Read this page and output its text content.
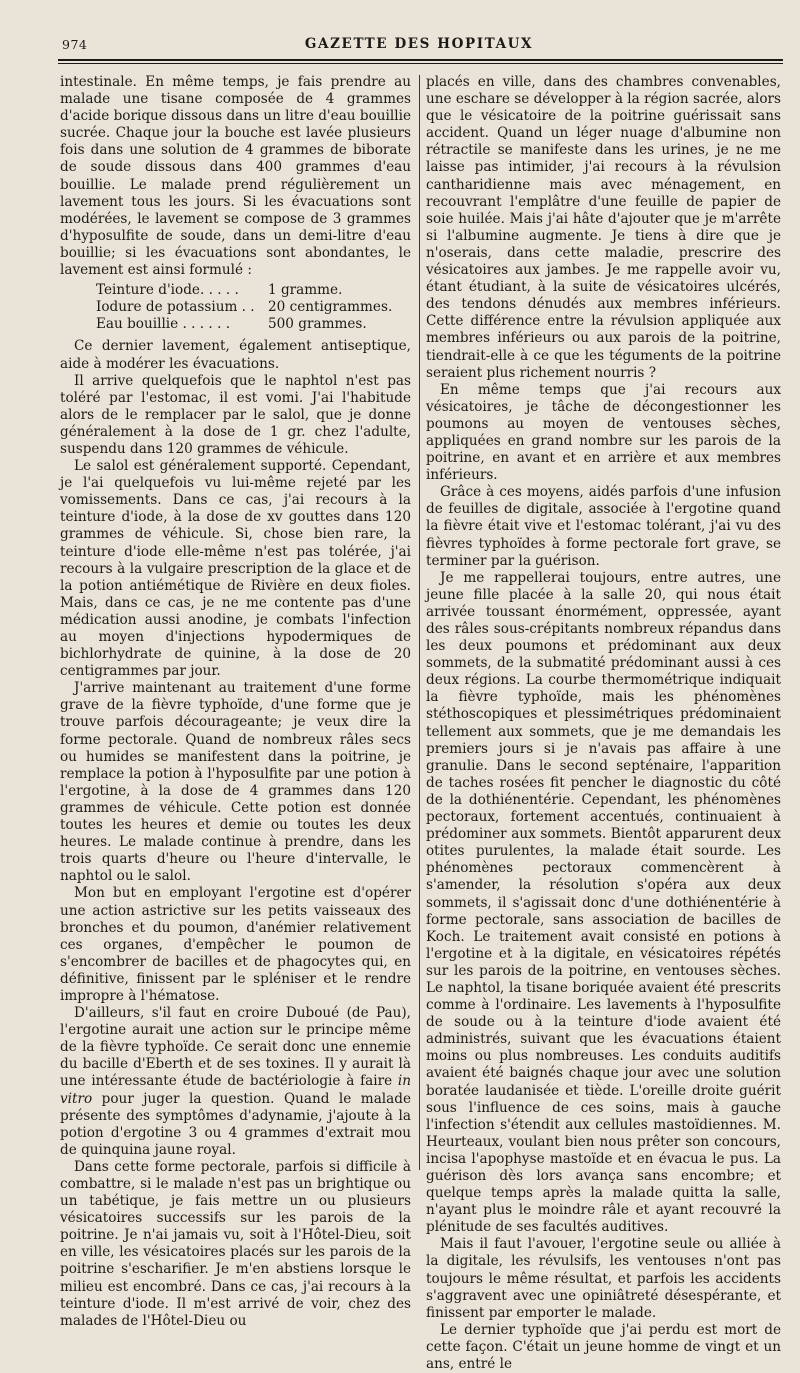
974	GAZETTE DES HOPITAUX

intestinale. En même temps, je fais prendre au malade une tisane composée de 4 grammes d'acide borique dissous dans un litre d'eau bouillie sucrée. Chaque jour la bouche est lavée plusieurs fois dans une solution de 4 grammes de biborate de soude dissous dans 400 grammes d'eau bouillie. Le malade prend régulièrement un lavement tous les jours. Si les évacuations sont modérées, le lavement se compose de 3 grammes d'hyposulfite de soude, dans un demi-litre d'eau bouillie; si les évacuations sont abondantes, le lavement est ainsi formulé :

Teinture d'iode. . . . .	1 gramme.
Iodure de potassium . . 20 centigrammes.
Eau bouillie . . . . . .	500 grammes.

Ce dernier lavement, également antiseptique, aide à modérer les évacuations.

Il arrive quelquefois que le naphtol n'est pas toléré par l'estomac, il est vomi. J'ai l'habitude alors de le remplacer par le salol, que je donne généralement à la dose de 1 gr. chez l'adulte, suspendu dans 120 grammes de véhicule.

Le salol est généralement supporté. Cependant, je l'ai quelquefois vu lui-même rejeté par les vomissements. Dans ce cas, j'ai recours à la teinture d'iode, à la dose de xv gouttes dans 120 grammes de véhicule. Si, chose bien rare, la teinture d'iode elle-même n'est pas tolérée, j'ai recours à la vulgaire prescription de la glace et de la potion antiémétique de Rivière en deux fioles. Mais, dans ce cas, je ne me contente pas d'une médication aussi anodine, je combats l'infection au moyen d'injections hypodermiques de bichlorhydrate de quinine, à la dose de 20 centigrammes par jour.

J'arrive maintenant au traitement d'une forme grave de la fièvre typhoïde, d'une forme que je trouve parfois décourageante; je veux dire la forme pectorale. Quand de nombreux râles secs ou humides se manifestent dans la poitrine, je remplace la potion à l'hyposulfite par une potion à l'ergotine, à la dose de 4 grammes dans 120 grammes de véhicule. Cette potion est donnée toutes les heures et demie ou toutes les deux heures. Le malade continue à prendre, dans les trois quarts d'heure ou l'heure d'intervalle, le naphtol ou le salol.

Mon but en employant l'ergotine est d'opérer une action astrictive sur les petits vaisseaux des bronches et du poumon, d'anémier relativement ces organes, d'empêcher le poumon de s'encombrer de bacilles et de phagocytes qui, en définitive, finissent par le spléniser et le rendre impropre à l'hématose.

D'ailleurs, s'il faut en croire Duboué (de Pau), l'ergotine aurait une action sur le principe même de la fièvre typhoïde. Ce serait donc une ennemie du bacille d'Eberth et de ses toxines. Il y aurait là une intéressante étude de bactériologie à faire in vitro pour juger la question. Quand le malade présente des symptômes d'adynamie, j'ajoute à la potion d'ergotine 3 ou 4 grammes d'extrait mou de quinquina jaune royal.

Dans cette forme pectorale, parfois si difficile à combattre, si le malade n'est pas un brightique ou un tabétique, je fais mettre un ou plusieurs vésicatoires successifs sur les parois de la poitrine. Je n'ai jamais vu, soit à l'Hôtel-Dieu, soit en ville, les vésicatoires placés sur les parois de la poitrine s'escharifier. Je m'en abstiens lorsque le milieu est encombré. Dans ce cas, j'ai recours à la teinture d'iode. Il m'est arrivé de voir, chez des malades de l'Hôtel-Dieu ou

placés en ville, dans des chambres convenables, une eschare se développer à la région sacrée, alors que le vésicatoire de la poitrine guérissait sans accident. Quand un léger nuage d'albumine non rétractile se manifeste dans les urines, je ne me laisse pas intimider, j'ai recours à la révulsion cantharidienne mais avec ménagement, en recouvrant l'emplâtre d'une feuille de papier de soie huilée. Mais j'ai hâte d'ajouter que je m'arrête si l'albumine augmente. Je tiens à dire que je n'oserais, dans cette maladie, prescrire des vésicatoires aux jambes. Je me rappelle avoir vu, étant étudiant, à la suite de vésicatoires ulcérés, des tendons dénudés aux membres inférieurs. Cette différence entre la révulsion appliquée aux membres inférieurs ou aux parois de la poitrine, tiendrait-elle à ce que les téguments de la poitrine seraient plus richement nourris ?

En même temps que j'ai recours aux vésicatoires, je tâche de décongestionner les poumons au moyen de ventouses sèches, appliquées en grand nombre sur les parois de la poitrine, en avant et en arrière et aux membres inférieurs.

Grâce à ces moyens, aidés parfois d'une infusion de feuilles de digitale, associée à l'ergotine quand la fièvre était vive et l'estomac tolérant, j'ai vu des fièvres typhoïdes à forme pectorale fort grave, se terminer par la guérison.

Je me rappellerai toujours, entre autres, une jeune fille placée à la salle 20, qui nous était arrivée toussant énormément, oppressée, ayant des râles sous-crépitants nombreux répandus dans les deux poumons et prédominant aux deux sommets, de la submatité prédominant aussi à ces deux régions. La courbe thermométrique indiquait la fièvre typhoïde, mais les phénomènes stéthoscopiques et plessimétriques prédominaient tellement aux sommets, que je me demandais les premiers jours si je n'avais pas affaire à une granulie. Dans le second septénaire, l'apparition de taches rosées fit pencher le diagnostic du côté de la dothiénentérie. Cependant, les phénomènes pectoraux, fortement accentués, continuaient à prédominer aux sommets. Bientôt apparurent deux otites purulentes, la malade était sourde. Les phénomènes pectoraux commencèrent à s'amender, la résolution s'opéra aux deux sommets, il s'agissait donc d'une dothiénentérie à forme pectorale, sans association de bacilles de Koch. Le traitement avait consisté en potions à l'ergotine et à la digitale, en vésicatoires répétés sur les parois de la poitrine, en ventouses sèches. Le naphtol, la tisane boriquée avaient été prescrits comme à l'ordinaire. Les lavements à l'hyposulfite de soude ou à la teinture d'iode avaient été administrés, suivant que les évacuations étaient moins ou plus nombreuses. Les conduits auditifs avaient été baignés chaque jour avec une solution boratée laudanisée et tiède. L'oreille droite guérit sous l'influence de ces soins, mais à gauche l'infection s'étendit aux cellules mastoïdiennes. M. Heurteaux, voulant bien nous prêter son concours, incisa l'apophyse mastoïde et en évacua le pus. La guérison dès lors avança sans encombre; et quelque temps après la malade quitta la salle, n'ayant plus le moindre râle et ayant recouvré la plénitude de ses facultés auditives.

Mais il faut l'avouer, l'ergotine seule ou alliée à la digitale, les révulsifs, les ventouses n'ont pas toujours le même résultat, et parfois les accidents s'aggravent avec une opiniâtreté désespérante, et finissent par emporter le malade.

Le dernier typhoïde que j'ai perdu est mort de cette façon. C'était un jeune homme de vingt et un ans, entré le
